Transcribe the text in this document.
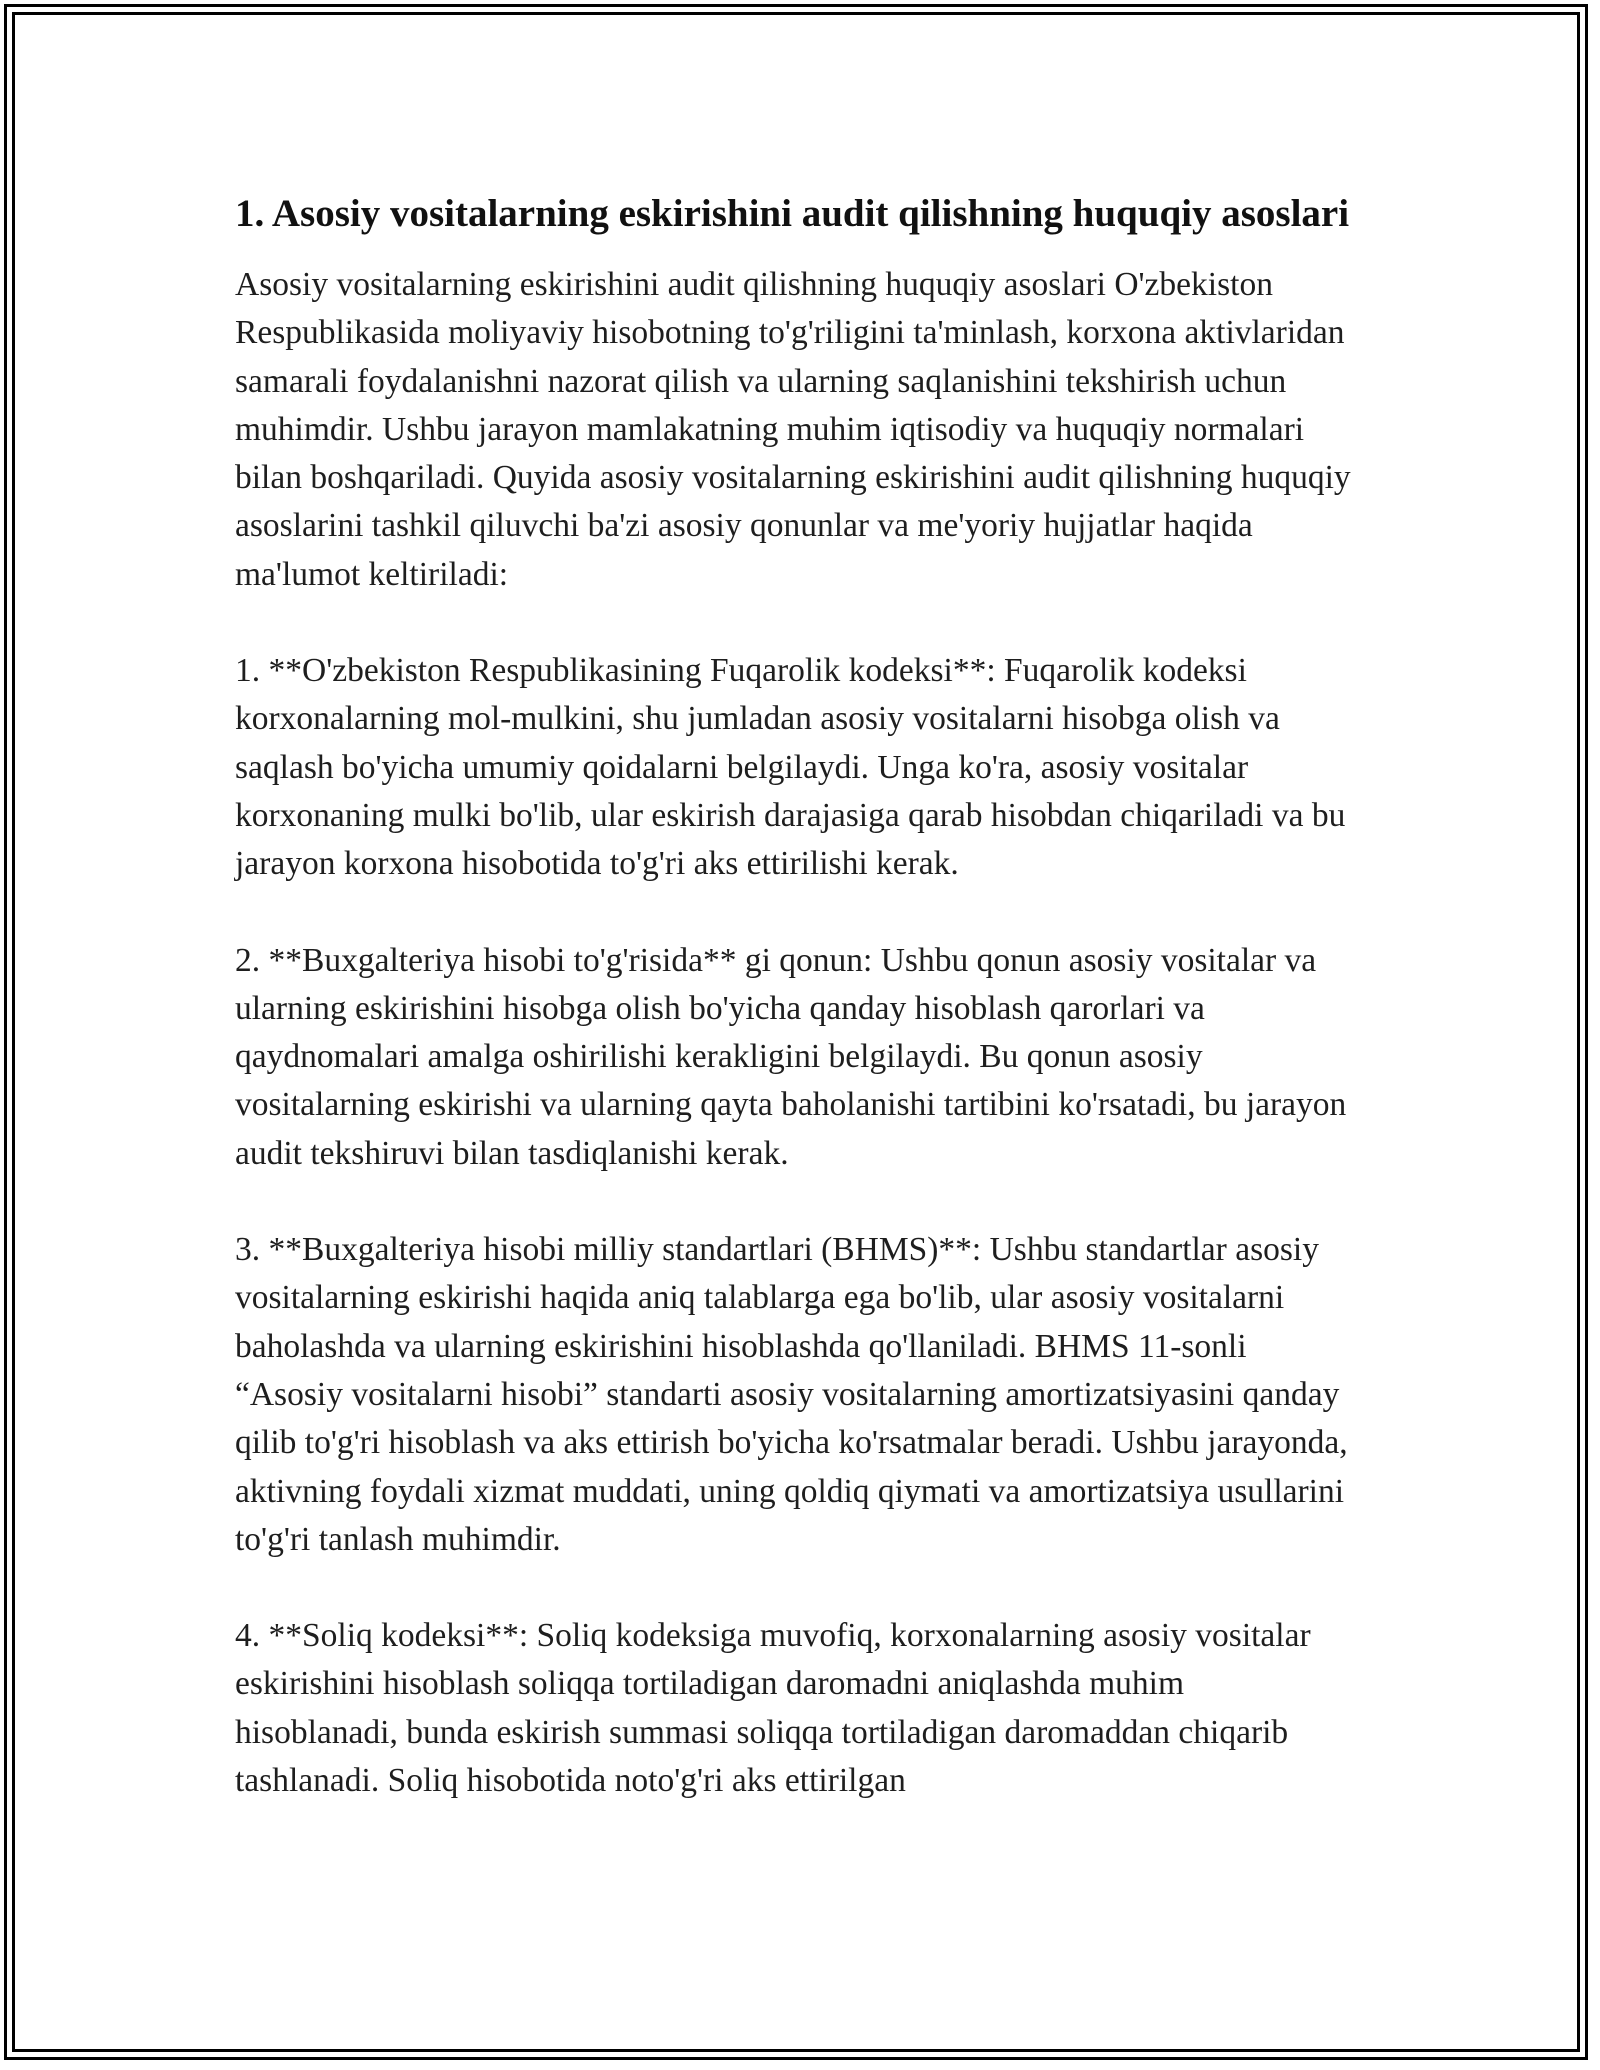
1. Asosiy vositalarning eskirishini audit qilishning huquqiy asoslari

Asosiy vositalarning eskirishini audit qilishning huquqiy asoslari O'zbekiston Respublikasida moliyaviy hisobotning to'g'riligini ta'minlash, korxona aktivlaridan samarali foydalanishni nazorat qilish va ularning saqlanishini tekshirish uchun muhimdir. Ushbu jarayon mamlakatning muhim iqtisodiy va huquqiy normalari bilan boshqariladi. Quyida asosiy vositalarning eskirishini audit qilishning huquqiy asoslarini tashkil qiluvchi ba'zi asosiy qonunlar va me'yoriy hujjatlar haqida ma'lumot keltiriladi:

1. **O'zbekiston Respublikasining Fuqarolik kodeksi**: Fuqarolik kodeksi korxonalarning mol-mulkini, shu jumladan asosiy vositalarni hisobga olish va saqlash bo'yicha umumiy qoidalarni belgilaydi. Unga ko'ra, asosiy vositalar korxonaning mulki bo'lib, ular eskirish darajasiga qarab hisobdan chiqariladi va bu jarayon korxona hisobotida to'g'ri aks ettirilishi kerak.

2. **Buxgalteriya hisobi to'g'risida** gi qonun: Ushbu qonun asosiy vositalar va ularning eskirishini hisobga olish bo'yicha qanday hisoblash qarorlari va qaydnomalari amalga oshirilishi kerakligini belgilaydi. Bu qonun asosiy vositalarning eskirishi va ularning qayta baholanishi tartibini ko'rsatadi, bu jarayon audit tekshiruvi bilan tasdiqlanishi kerak.

3. **Buxgalteriya hisobi milliy standartlari (BHMS)**: Ushbu standartlar asosiy vositalarning eskirishi haqida aniq talablarga ega bo'lib, ular asosiy vositalarni baholashda va ularning eskirishini hisoblashda qo'llaniladi. BHMS 11-sonli “Asosiy vositalarni hisobi” standarti asosiy vositalarning amortizatsiyasini qanday qilib to'g'ri hisoblash va aks ettirish bo'yicha ko'rsatmalar beradi. Ushbu jarayonda, aktivning foydali xizmat muddati, uning qoldiq qiymati va amortizatsiya usullarini to'g'ri tanlash muhimdir.

4. **Soliq kodeksi**: Soliq kodeksiga muvofiq, korxonalarning asosiy vositalar eskirishini hisoblash soliqqa tortiladigan daromadni aniqlashda muhim hisoblanadi, bunda eskirish summasi soliqqa tortiladigan daromaddan chiqarib tashlanadi. Soliq hisobotida noto'g'ri aks ettirilgan
